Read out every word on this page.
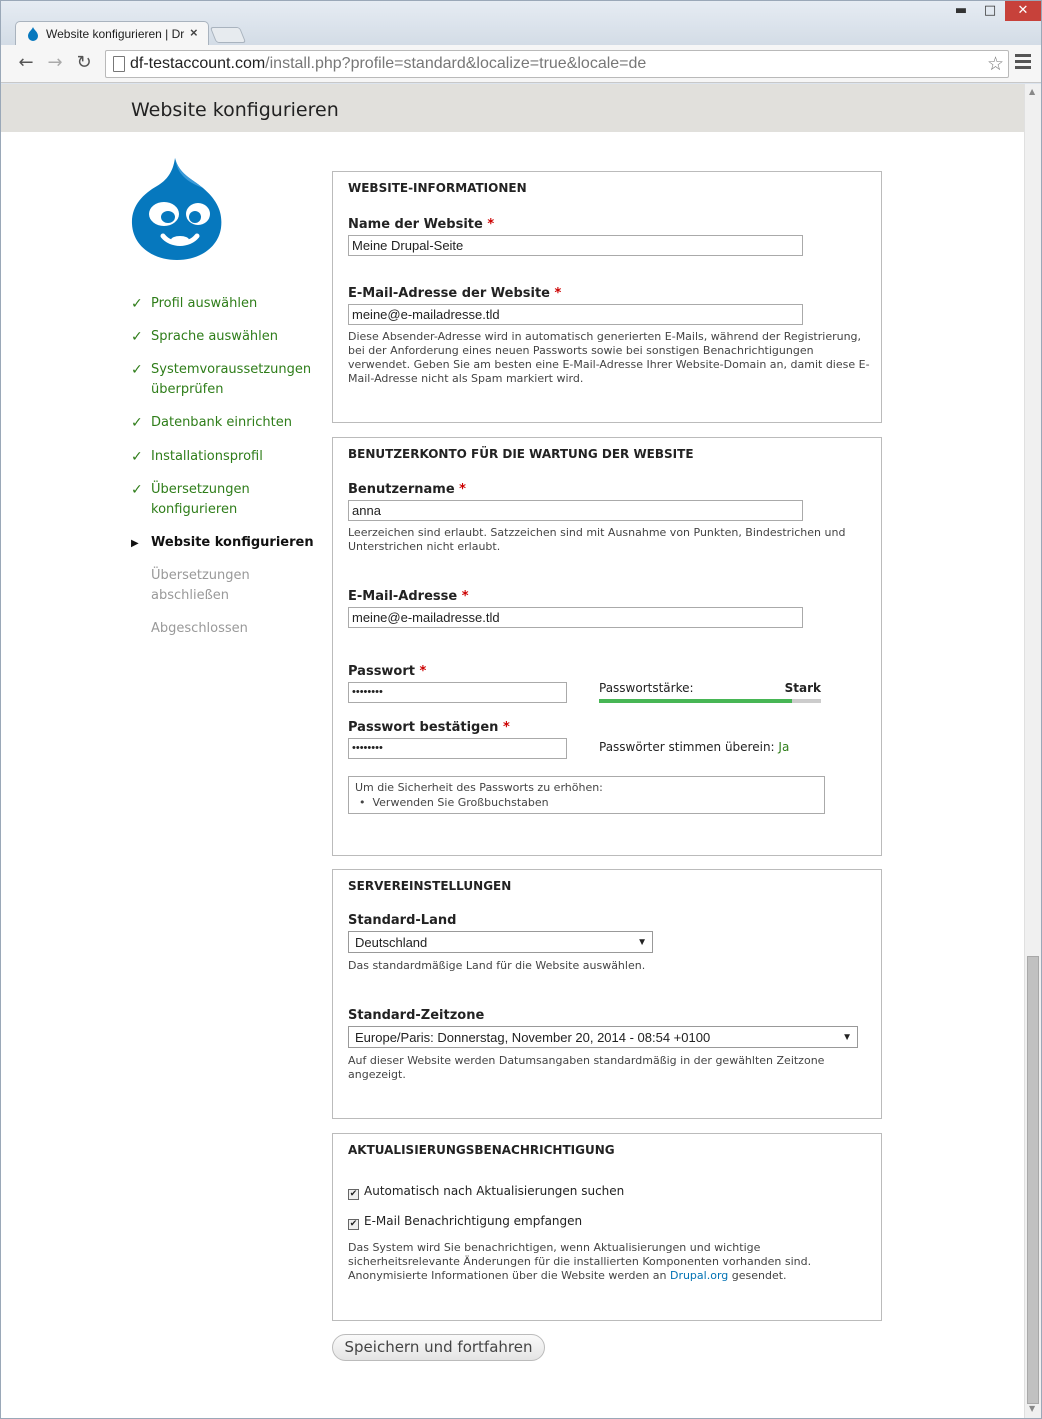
Website konfigurieren | Dr ×
▬	□	✕
← → ↻ df-testaccount.com/install.php?profile=standard&localize=true&locale=de	☆
Website konfigurieren
✓ Profil auswählen
✓ Sprache auswählen
✓ Systemvoraussetzungen überprüfen
✓ Datenbank einrichten
✓ Installationsprofil
✓ Übersetzungen konfigurieren
▶ Website konfigurieren
Übersetzungen abschließen
Abgeschlossen
WEBSITE-INFORMATIONEN
Name der Website *
Meine Drupal-Seite
E-Mail-Adresse der Website *
meine@e-mailadresse.tld
Diese Absender-Adresse wird in automatisch generierten E-Mails, während der Registrierung, bei der Anforderung eines neuen Passworts sowie bei sonstigen Benachrichtigungen verwendet. Geben Sie am besten eine E-Mail-Adresse Ihrer Website-Domain an, damit diese E-Mail-Adresse nicht als Spam markiert wird.
BENUTZERKONTO FÜR DIE WARTUNG DER WEBSITE
Benutzername *
anna
Leerzeichen sind erlaubt. Satzzeichen sind mit Ausnahme von Punkten, Bindestrichen und Unterstrichen nicht erlaubt.
E-Mail-Adresse *
meine@e-mailadresse.tld
Passwort *
••••••••	Passwortstärke:	Stark
Passwort bestätigen *
••••••••	Passwörter stimmen überein: Ja
Um die Sicherheit des Passworts zu erhöhen:
•  Verwenden Sie Großbuchstaben
SERVEREINSTELLUNGEN
Standard-Land
Deutschland	▼
Das standardmäßige Land für die Website auswählen.
Standard-Zeitzone
Europe/Paris: Donnerstag, November 20, 2014 - 08:54 +0100	▼
Auf dieser Website werden Datumsangaben standardmäßig in der gewählten Zeitzone angezeigt.
AKTUALISIERUNGSBENACHRICHTIGUNG
✔ Automatisch nach Aktualisierungen suchen
✔ E-Mail Benachrichtigung empfangen
Das System wird Sie benachrichtigen, wenn Aktualisierungen und wichtige sicherheitsrelevante Änderungen für die installierten Komponenten vorhanden sind. Anonymisierte Informationen über die Website werden an Drupal.org gesendet.
Speichern und fortfahren
▲
▼
